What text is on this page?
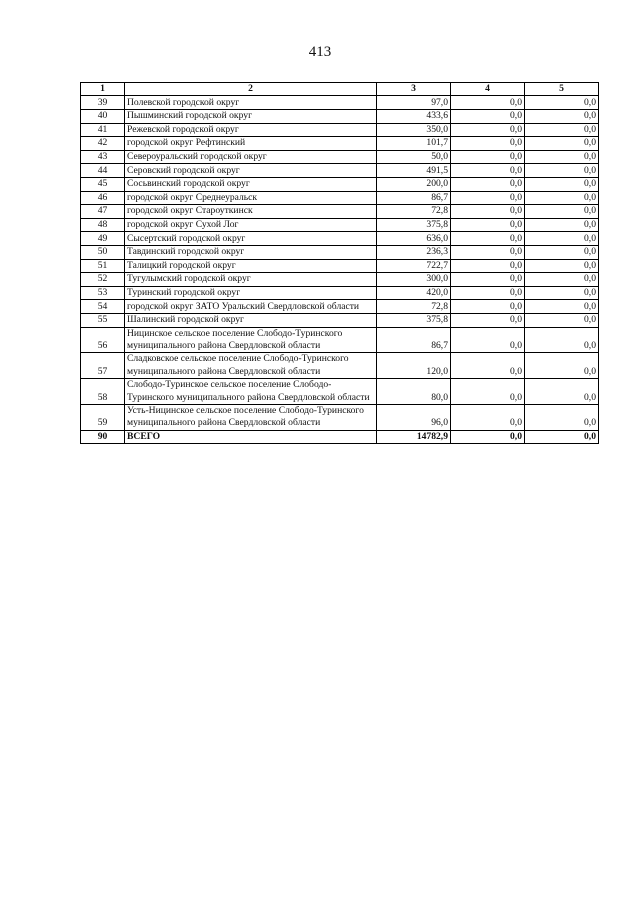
413
1	2	3	4	5
39	Полевской городской округ	97,0	0,0	0,0
40	Пышминский городской округ	433,6	0,0	0,0
41	Режевской городской округ	350,0	0,0	0,0
42	городской округ Рефтинский	101,7	0,0	0,0
43	Североуральский городской округ	50,0	0,0	0,0
44	Серовский городской округ	491,5	0,0	0,0
45	Сосьвинский городской округ	200,0	0,0	0,0
46	городской округ Среднеуральск	86,7	0,0	0,0
47	городской округ Староуткинск	72,8	0,0	0,0
48	городской округ Сухой Лог	375,8	0,0	0,0
49	Сысертский городской округ	636,0	0,0	0,0
50	Тавдинский городской округ	236,3	0,0	0,0
51	Талицкий городской округ	722,7	0,0	0,0
52	Тугулымский городской округ	300,0	0,0	0,0
53	Туринский городской округ	420,0	0,0	0,0
54	городской округ ЗАТО Уральский Свердловской области	72,8	0,0	0,0
55	Шалинский городской округ	375,8	0,0	0,0
56	Ницинское сельское поселение Слободо-Туринского муниципального района Свердловской области	86,7	0,0	0,0
57	Сладковское сельское поселение Слободо-Туринского муниципального района Свердловской области	120,0	0,0	0,0
58	Слободо-Туринское сельское поселение Слободо-Туринского муниципального района Свердловской области	80,0	0,0	0,0
59	Усть-Ницинское сельское поселение Слободо-Туринского муниципального района Свердловской области	96,0	0,0	0,0
90	ВСЕГО	14782,9	0,0	0,0
